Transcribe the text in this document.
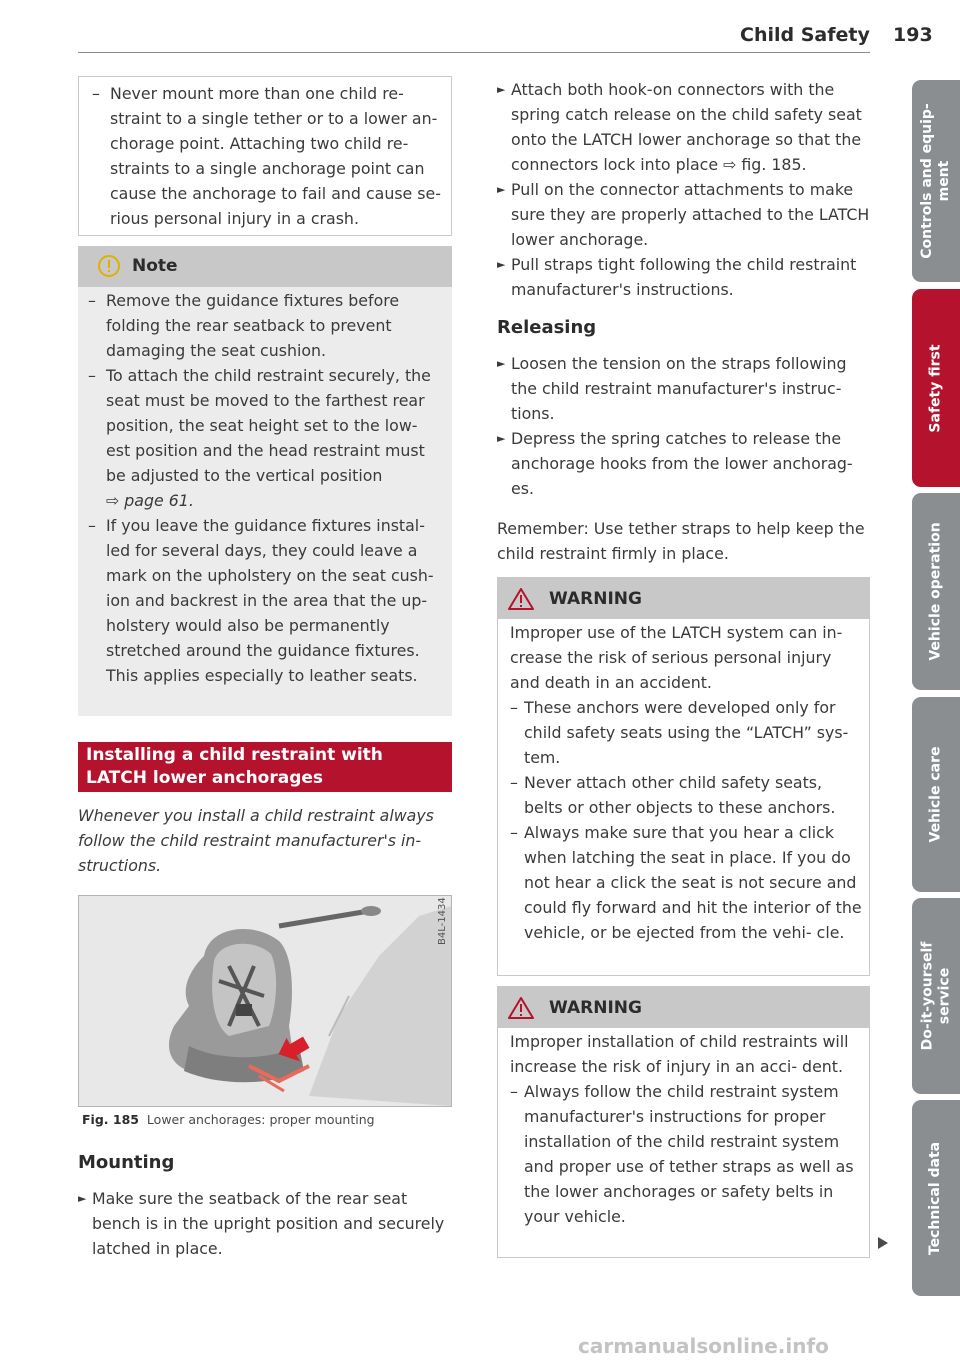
Child Safety 193
Controls and equip- ment
Safety first
Vehicle operation
Vehicle care
Do-it-yourself service
Technical data
– Never mount more than one child re- straint to a single tether or to a lower an- chorage point. Attaching two child re- straints to a single anchorage point can cause the anchorage to fail and cause se- rious personal injury in a crash.
Note
– Remove the guidance fixtures before folding the rear seatback to prevent damaging the seat cushion.
– To attach the child restraint securely, the seat must be moved to the farthest rear position, the seat height set to the low- est position and the head restraint must be adjusted to the vertical position
⇨ page 61.
– If you leave the guidance fixtures instal- led for several days, they could leave a mark on the upholstery on the seat cush- ion and backrest in the area that the up- holstery would also be permanently stretched around the guidance fixtures. This applies especially to leather seats.
Installing a child restraint with LATCH lower anchorages
Whenever you install a child restraint always follow the child restraint manufacturer's in- structions.
B4L-1434
Fig. 185 Lower anchorages: proper mounting
Mounting
► Make sure the seatback of the rear seat bench is in the upright position and securely latched in place.
► Attach both hook-on connectors with the spring catch release on the child safety seat onto the LATCH lower anchorage so that the connectors lock into place ⇨ fig. 185.
► Pull on the connector attachments to make sure they are properly attached to the LATCH lower anchorage.
► Pull straps tight following the child restraint manufacturer's instructions.
Releasing
► Loosen the tension on the straps following the child restraint manufacturer's instruc- tions.
► Depress the spring catches to release the anchorage hooks from the lower anchorag- es.
Remember: Use tether straps to help keep the child restraint firmly in place.
WARNING
Improper use of the LATCH system can in- crease the risk of serious personal injury and death in an accident.
– These anchors were developed only for child safety seats using the “LATCH” sys- tem.
– Never attach other child safety seats, belts or other objects to these anchors.
– Always make sure that you hear a click when latching the seat in place. If you do not hear a click the seat is not secure and could fly forward and hit the interior of the vehicle, or be ejected from the vehi- cle.
WARNING
Improper installation of child restraints will increase the risk of injury in an acci- dent.
– Always follow the child restraint system manufacturer's instructions for proper installation of the child restraint system and proper use of tether straps as well as the lower anchorages or safety belts in your vehicle.
carmanualsonline.info
